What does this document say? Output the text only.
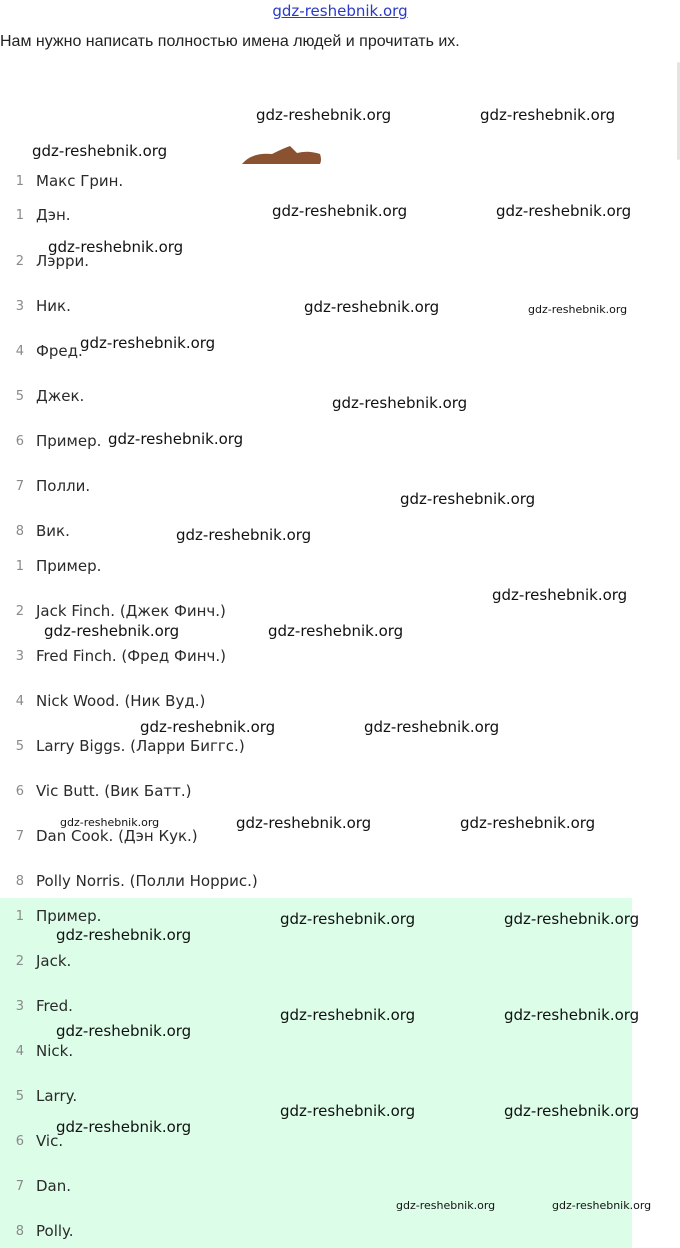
gdz-reshebnik.org
Нам нужно написать полностью имена людей и прочитать их.
1 Макс Грин.
1 Дэн.
2 Лэрри.
3 Ник.
4 Фред.
5 Джек.
6 Пример.
7 Полли.
8 Вик.
1 Пример.
2 Jack Finch. (Джек Финч.)
3 Fred Finch. (Фред Финч.)
4 Nick Wood. (Ник Вуд.)
5 Larry Biggs. (Ларри Биггс.)
6 Vic Butt. (Вик Батт.)
7 Dan Cook. (Дэн Кук.)
8 Polly Norris. (Полли Норрис.)
1 Пример.
2 Jack.
3 Fred.
4 Nick.
5 Larry.
6 Vic.
7 Dan.
8 Polly.
gdz-reshebnik.org	gdz-reshebnik.org
gdz-reshebnik.org
gdz-reshebnik.org	gdz-reshebnik.org
gdz-reshebnik.org
gdz-reshebnik.org	gdz-reshebnik.org
gdz-reshebnik.org
gdz-reshebnik.org
gdz-reshebnik.org
gdz-reshebnik.org
gdz-reshebnik.org
gdz-reshebnik.org
gdz-reshebnik.org	gdz-reshebnik.org
gdz-reshebnik.org	gdz-reshebnik.org
gdz-reshebnik.org	gdz-reshebnik.org	gdz-reshebnik.org
gdz-reshebnik.org	gdz-reshebnik.org
gdz-reshebnik.org
gdz-reshebnik.org	gdz-reshebnik.org
gdz-reshebnik.org
gdz-reshebnik.org	gdz-reshebnik.org
gdz-reshebnik.org
gdz-reshebnik.org	gdz-reshebnik.org
